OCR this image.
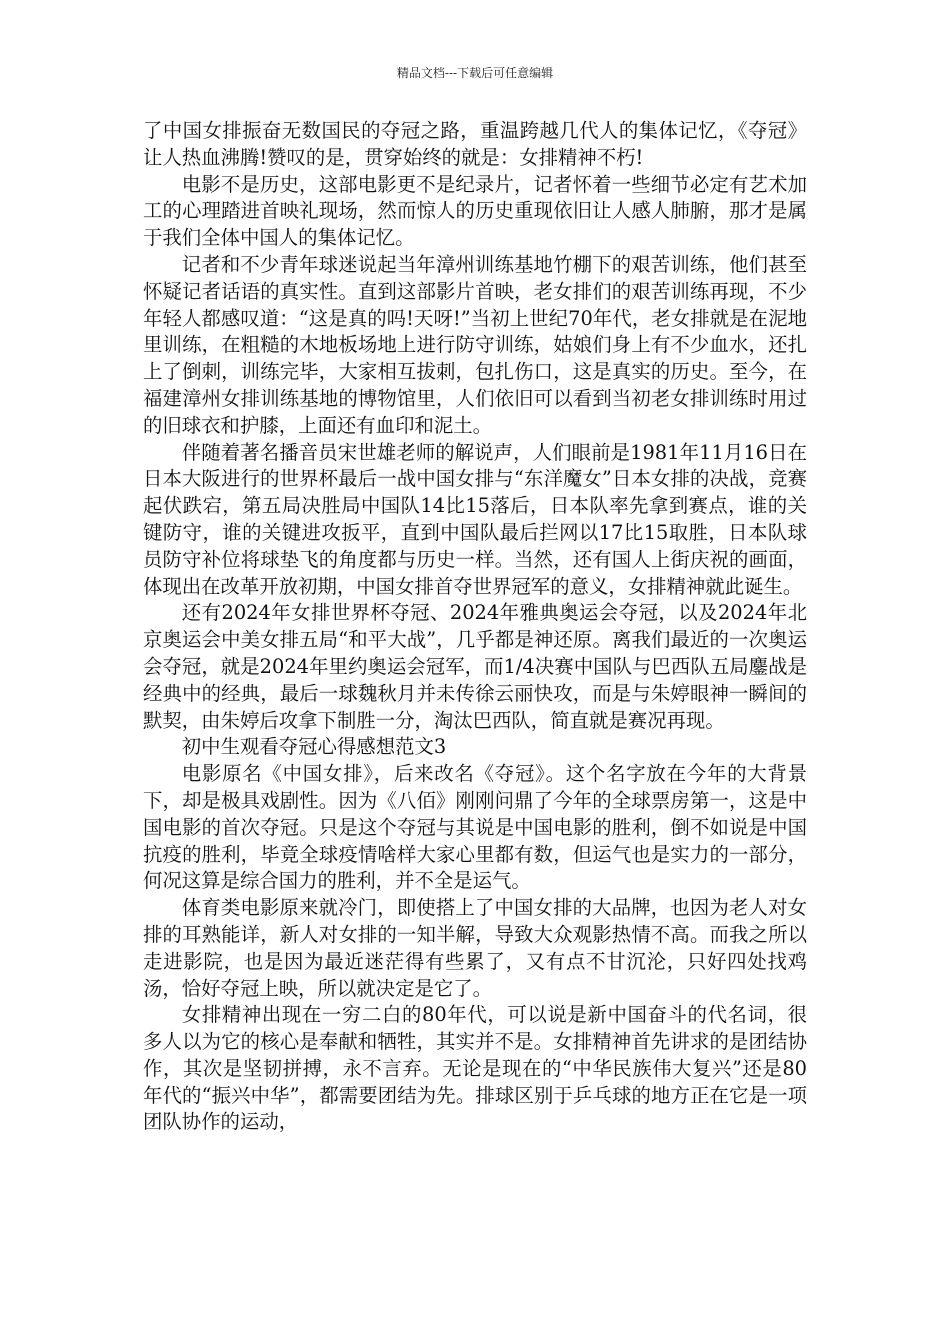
精品文档---下载后可任意编辑

了中国女排振奋无数国民的夺冠之路，重温跨越几代人的集体记忆，《夺冠》让人热血沸腾!赞叹的是，贯穿始终的就是：女排精神不朽!

电影不是历史，这部电影更不是纪录片，记者怀着一些细节必定有艺术加工的心理踏进首映礼现场，然而惊人的历史重现依旧让人感人肺腑，那才是属于我们全体中国人的集体记忆。

记者和不少青年球迷说起当年漳州训练基地竹棚下的艰苦训练，他们甚至怀疑记者话语的真实性。直到这部影片首映，老女排们的艰苦训练再现，不少年轻人都感叹道：“这是真的吗!天呀!”当初上世纪70年代，老女排就是在泥地里训练，在粗糙的木地板场地上进行防守训练，姑娘们身上有不少血水，还扎上了倒刺，训练完毕，大家相互拔刺，包扎伤口，这是真实的历史。至今，在福建漳州女排训练基地的博物馆里，人们依旧可以看到当初老女排训练时用过的旧球衣和护膝，上面还有血印和泥土。

伴随着著名播音员宋世雄老师的解说声，人们眼前是1981年11月16日在日本大阪进行的世界杯最后一战中国女排与“东洋魔女”日本女排的决战，竞赛起伏跌宕，第五局决胜局中国队14比15落后，日本队率先拿到赛点，谁的关键防守，谁的关键进攻扳平，直到中国队最后拦网以17比15取胜，日本队球员防守补位将球垫飞的角度都与历史一样。当然，还有国人上街庆祝的画面，体现出在改革开放初期，中国女排首夺世界冠军的意义，女排精神就此诞生。

还有2024年女排世界杯夺冠、2024年雅典奥运会夺冠，以及2024年北京奥运会中美女排五局“和平大战”，几乎都是神还原。离我们最近的一次奥运会夺冠，就是2024年里约奥运会冠军，而1/4决赛中国队与巴西队五局鏖战是经典中的经典，最后一球魏秋月并未传徐云丽快攻，而是与朱婷眼神一瞬间的默契，由朱婷后攻拿下制胜一分，淘汰巴西队，简直就是赛况再现。

初中生观看夺冠心得感想范文3

电影原名《中国女排》，后来改名《夺冠》。这个名字放在今年的大背景下，却是极具戏剧性。因为《八佰》刚刚问鼎了今年的全球票房第一，这是中国电影的首次夺冠。只是这个夺冠与其说是中国电影的胜利，倒不如说是中国抗疫的胜利，毕竟全球疫情啥样大家心里都有数，但运气也是实力的一部分，何况这算是综合国力的胜利，并不全是运气。

体育类电影原来就冷门，即使搭上了中国女排的大品牌，也因为老人对女排的耳熟能详，新人对女排的一知半解，导致大众观影热情不高。而我之所以走进影院，也是因为最近迷茫得有些累了，又有点不甘沉沦，只好四处找鸡汤，恰好夺冠上映，所以就决定是它了。

女排精神出现在一穷二白的80年代，可以说是新中国奋斗的代名词，很多人以为它的核心是奉献和牺牲，其实并不是。女排精神首先讲求的是团结协作，其次是坚韧拼搏，永不言弃。无论是现在的“中华民族伟大复兴”还是80年代的“振兴中华”，都需要团结为先。排球区别于乒乓球的地方正在它是一项团队协作的运动，
